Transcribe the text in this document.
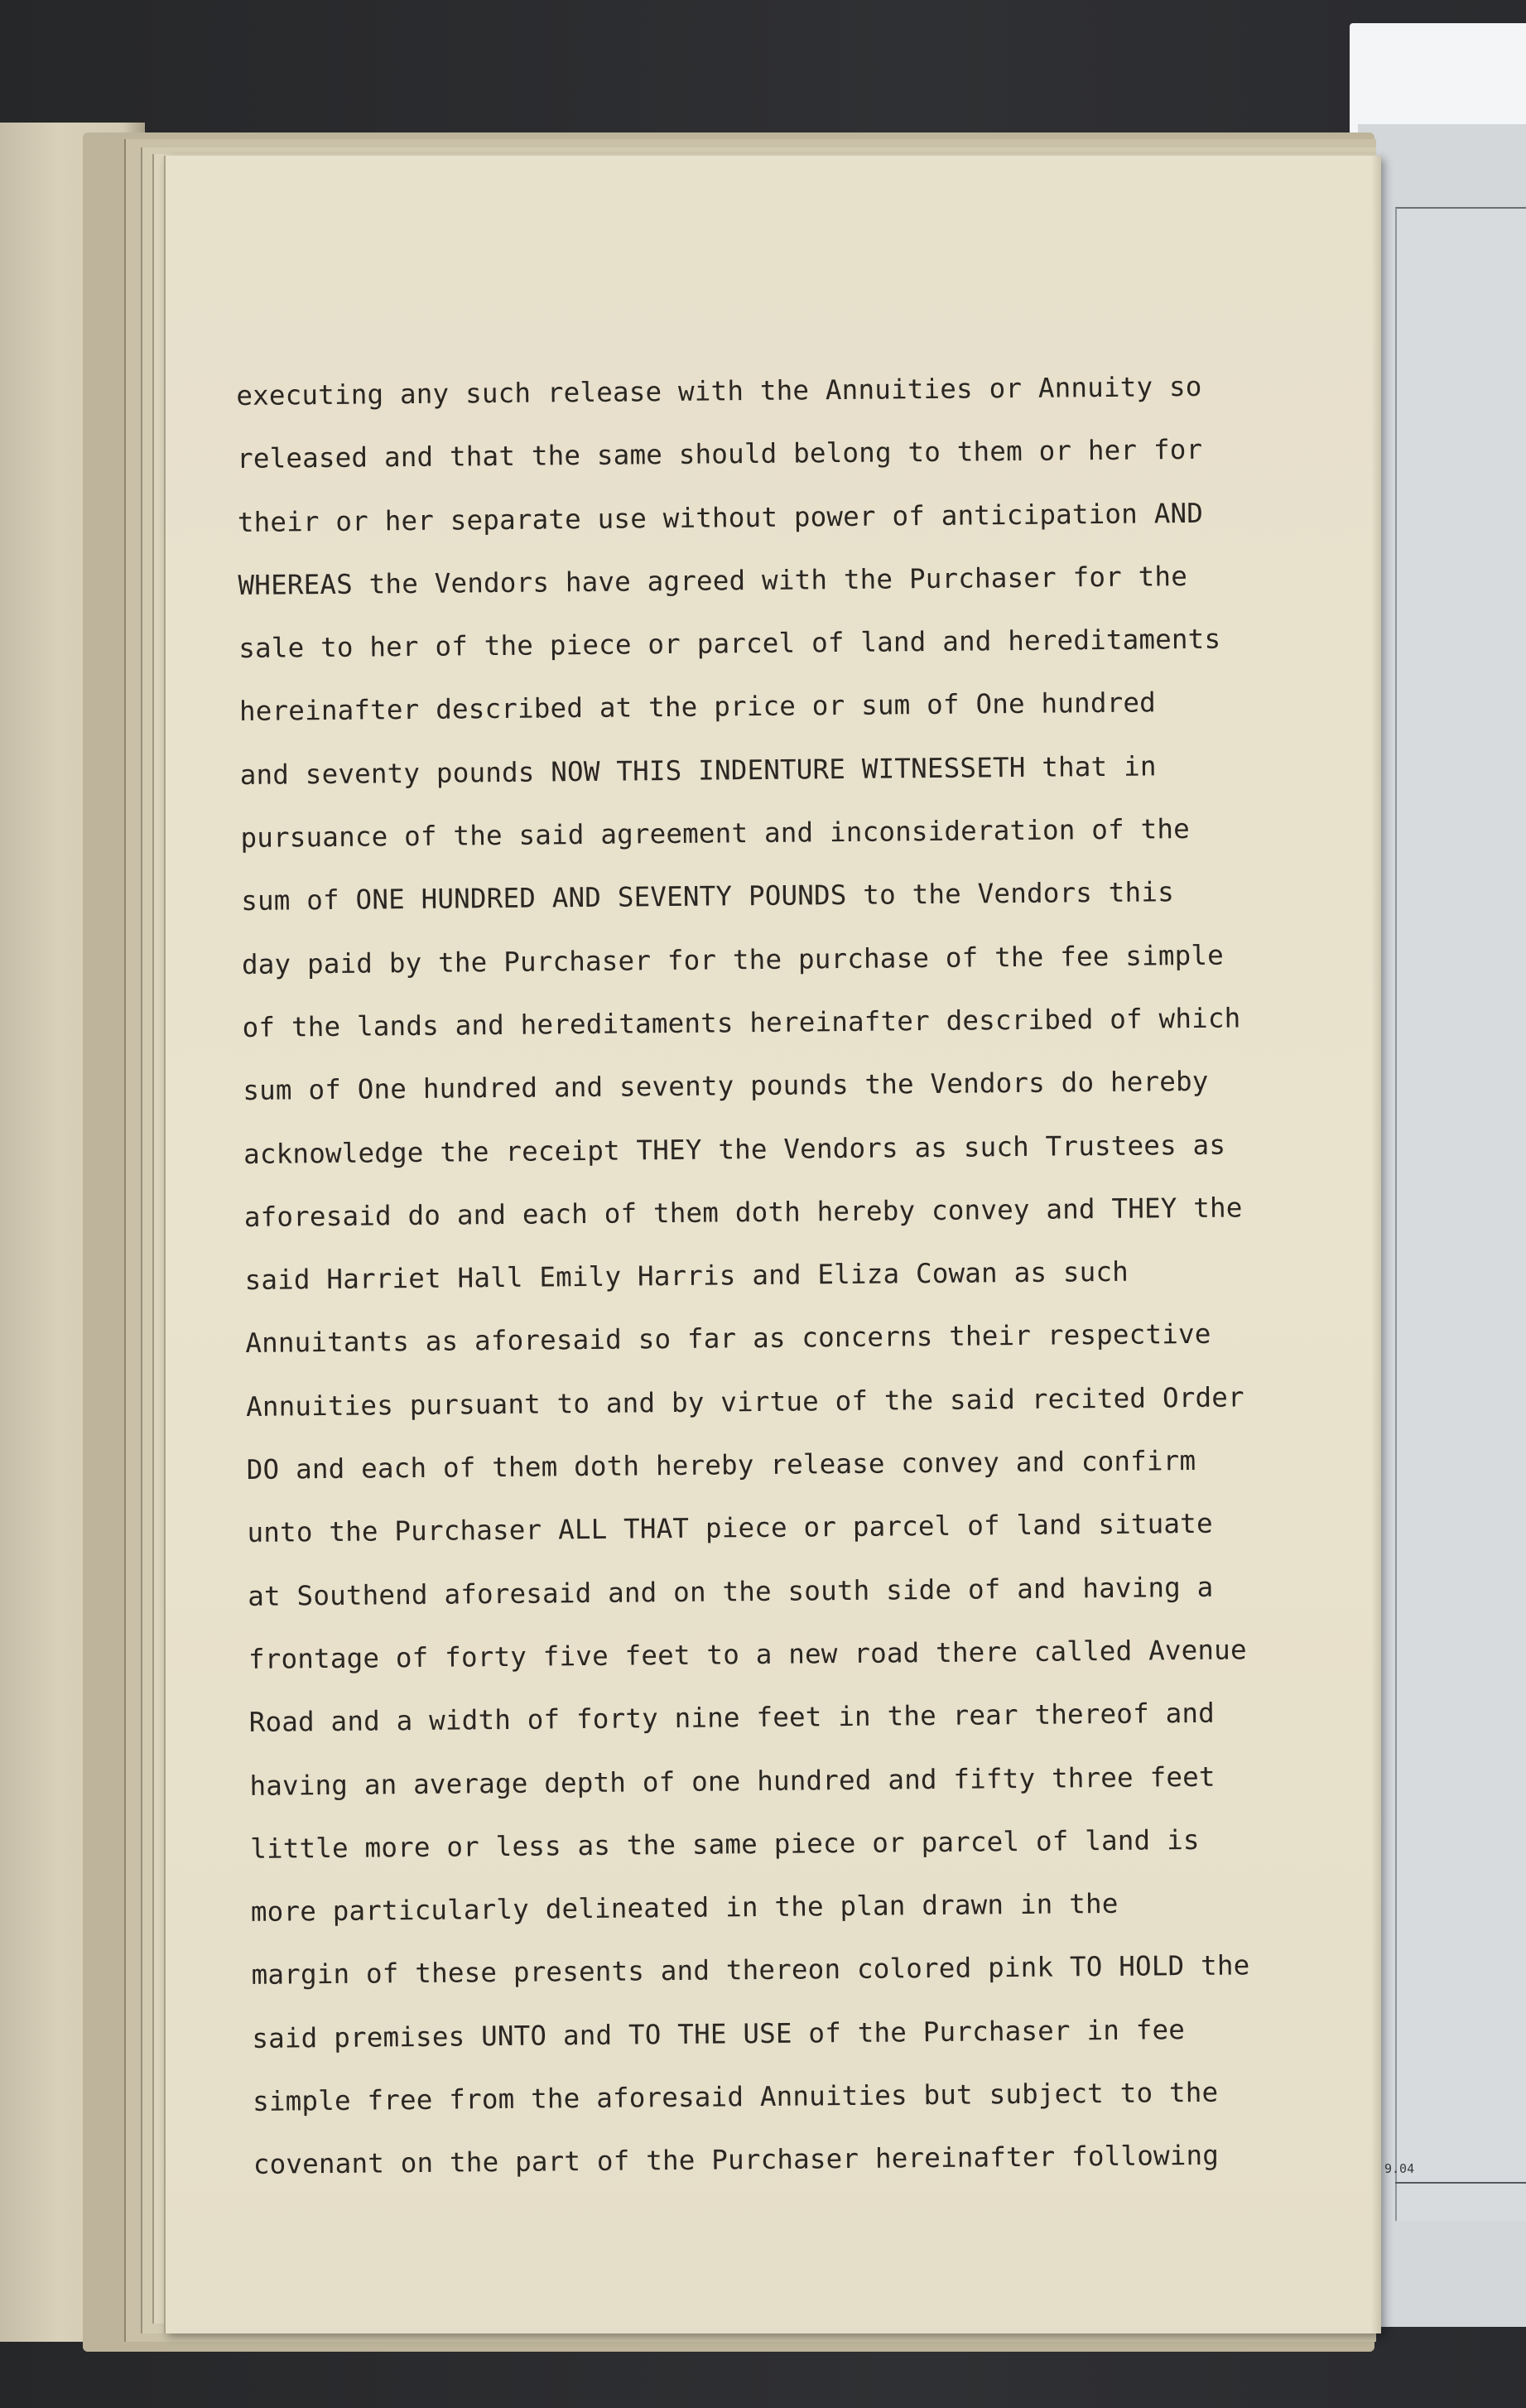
9.04
executing any such release with the Annuities or Annuity so
released and that the same should belong to them or her for
their or her separate use without power of anticipation AND
WHEREAS the Vendors have agreed with the Purchaser for the
sale to her of the piece or parcel of land and hereditaments
hereinafter described at the price or sum of One hundred
and seventy pounds NOW THIS INDENTURE WITNESSETH that in
pursuance of the said agreement and inconsideration of the
sum of ONE HUNDRED AND SEVENTY POUNDS to the Vendors this
day paid by the Purchaser for the purchase of the fee simple
of the lands and hereditaments hereinafter described of which
sum of One hundred and seventy pounds the Vendors do hereby
acknowledge the receipt THEY the Vendors as such Trustees as
aforesaid do and each of them doth hereby convey and THEY the
said Harriet Hall Emily Harris and Eliza Cowan as such
Annuitants as aforesaid so far as concerns their respective
Annuities pursuant to and by virtue of the said recited Order
DO and each of them doth hereby release convey and confirm
unto the Purchaser ALL THAT piece or parcel of land situate
at Southend aforesaid and on the south side of and having a
frontage of forty five feet to a new road there called Avenue
Road and a width of forty nine feet in the rear thereof and
having an average depth of one hundred and fifty three feet
little more or less as the same piece or parcel of land is
more particularly delineated in the plan drawn in the
margin of these presents and thereon colored pink TO HOLD the
said premises UNTO and TO THE USE of the Purchaser in fee
simple free from the aforesaid Annuities but subject to the
covenant on the part of the Purchaser hereinafter following
